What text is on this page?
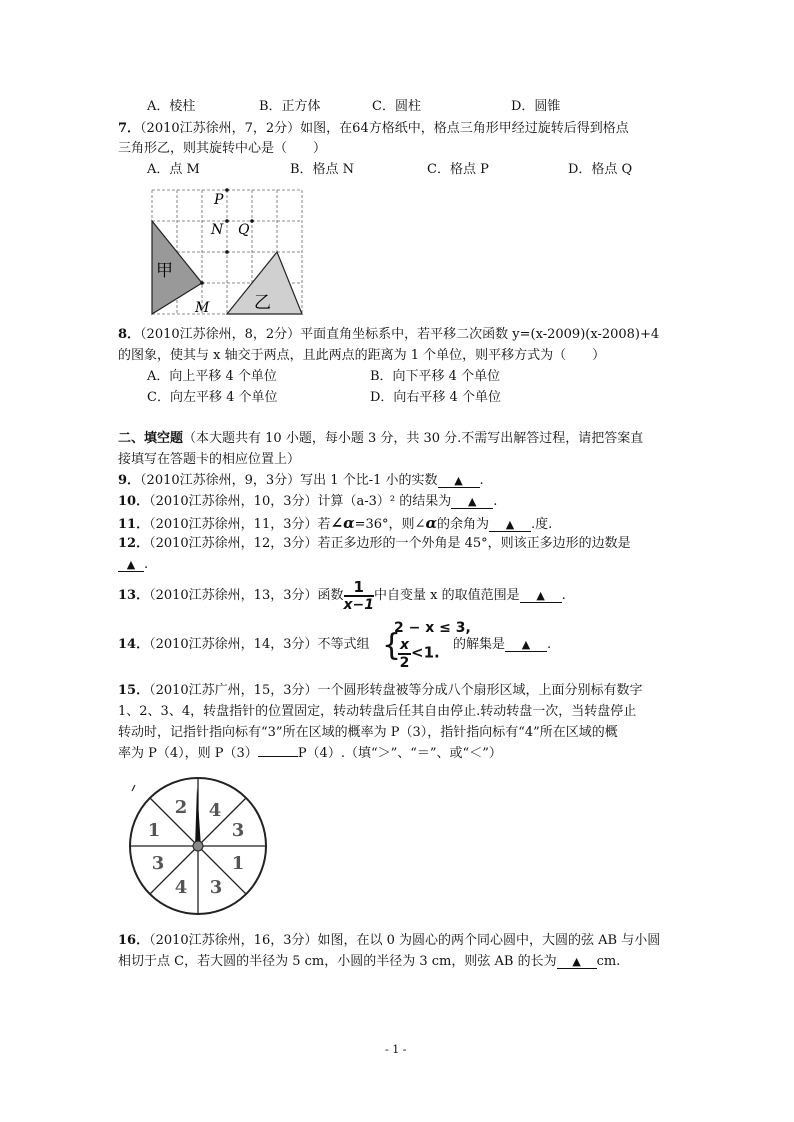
A．棱柱	B．正方体	C．圆柱	D．圆锥
7．（2010江苏徐州，7，2分）如图，在64方格纸中，格点三角形甲经过旋转后得到格点
三角形乙，则其旋转中心是（　　）
A．点 M	B．格点 N	C．格点 P	D．格点 Q
P
N Q
M
甲
乙
8．（2010江苏徐州，8，2分）平面直角坐标系中，若平移二次函数 y=(x-2009)(x-2008)+4
的图象，使其与 x 轴交于两点，且此两点的距离为 1 个单位，则平移方式为（　　）
A．向上平移 4 个单位	B．向下平移 4 个单位
C．向左平移 4 个单位	D．向右平移 4 个单位
二、填空题（本大题共有 10 小题，每小题 3 分，共 30 分.不需写出解答过程，请把答案直
接填写在答题卡的相应位置上）
9．（2010江苏徐州，9，3分）写出 1 个比-1 小的实数 ▲ .
10．（2010江苏徐州，10，3分）计算（a-3）² 的结果为 ▲ .
11．（2010江苏徐州，11，3分）若∠α=36°，则∠α的余角为 ▲ .度.
12．（2010江苏徐州，12，3分）若正多边形的一个外角是 45°，则该正多边形的边数是
▲ .
13．（2010江苏徐州，13，3分）函数 $\frac{1}{x-1}$ 中自变量 x 的取值范围是 ▲ .
14．（2010江苏徐州，14，3分）不等式组 {
2 − x ≤ 3,
$\frac{x}{2} <1$. 的解集是 ▲ .
15．（2010江苏广州，15，3分）一个圆形转盘被等分成八个扇形区域，上面分别标有数字
1、2、3、4，转盘指针的位置固定，转动转盘后任其自由停止.转动转盘一次，当转盘停止
转动时，记指针指向标有“3”所在区域的概率为 P（3），指针指向标有“4”所在区域的概
率为 P（4），则 P（3）	P（4）.（填“＞”、“＝”、或“＜”）
2 4
3
1
3
4
3
1
16．（2010江苏徐州，16，3分）如图，在以 0 为圆心的两个同心圆中，大圆的弦 AB 与小圆
相切于点 C，若大圆的半径为 5 cm，小圆的半径为 3 cm，则弦 AB 的长为 ▲ cm.
- 1 -
